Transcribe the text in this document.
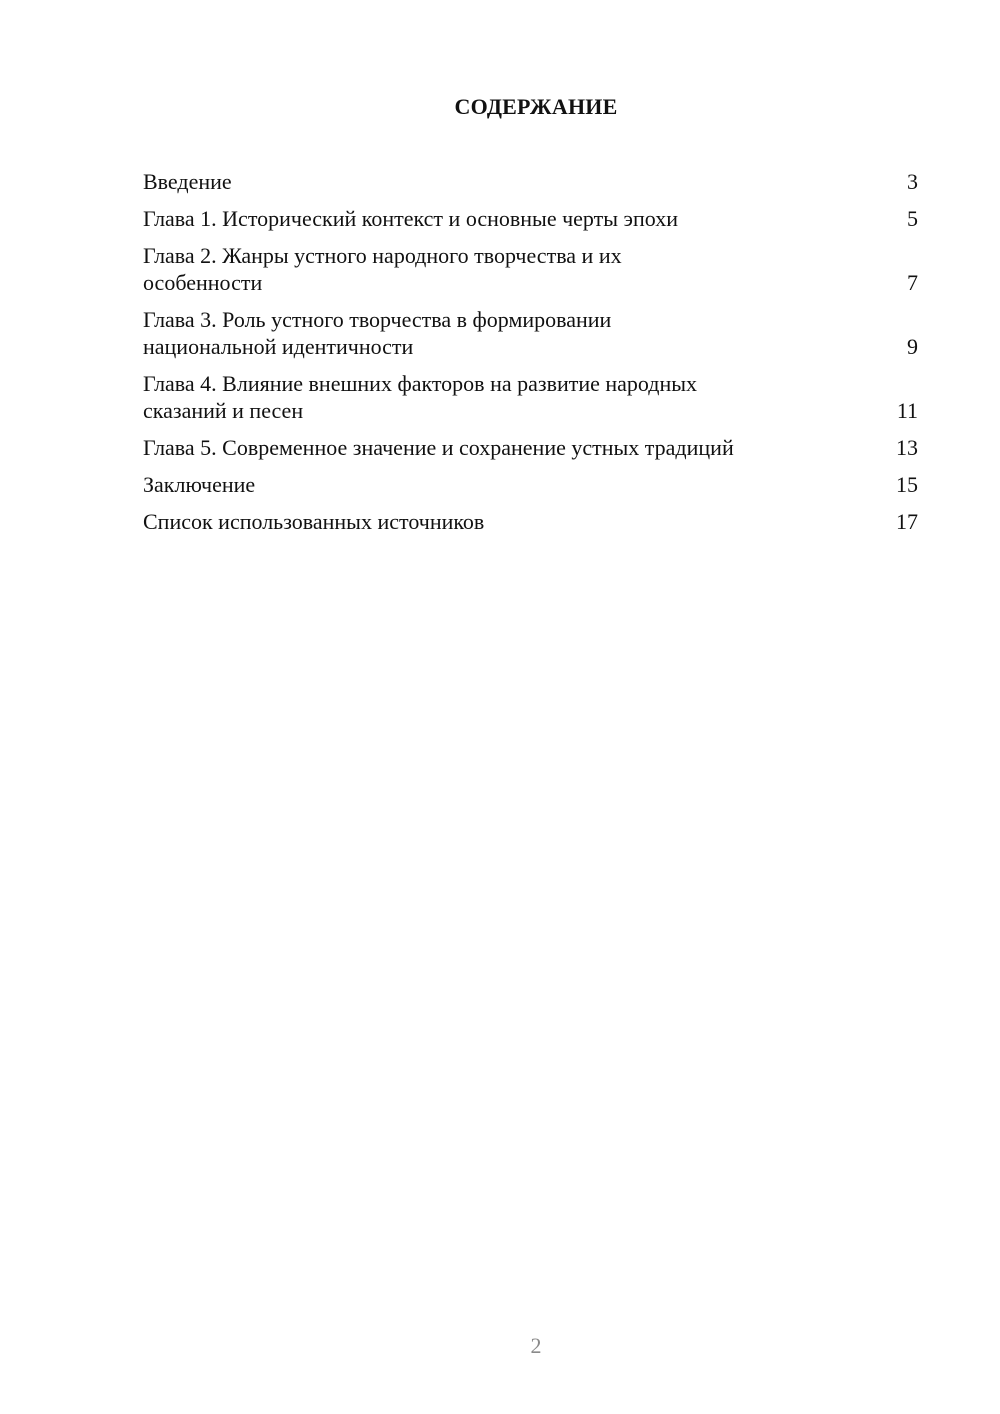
СОДЕРЖАНИЕ
Введение	3
Глава 1. Исторический контекст и основные черты эпохи	5
Глава 2. Жанры устного народного творчества и их особенности	7
Глава 3. Роль устного творчества в формировании национальной идентичности	9
Глава 4. Влияние внешних факторов на развитие народных сказаний и песен	11
Глава 5. Современное значение и сохранение устных традиций	13
Заключение	15
Список использованных источников	17
2
